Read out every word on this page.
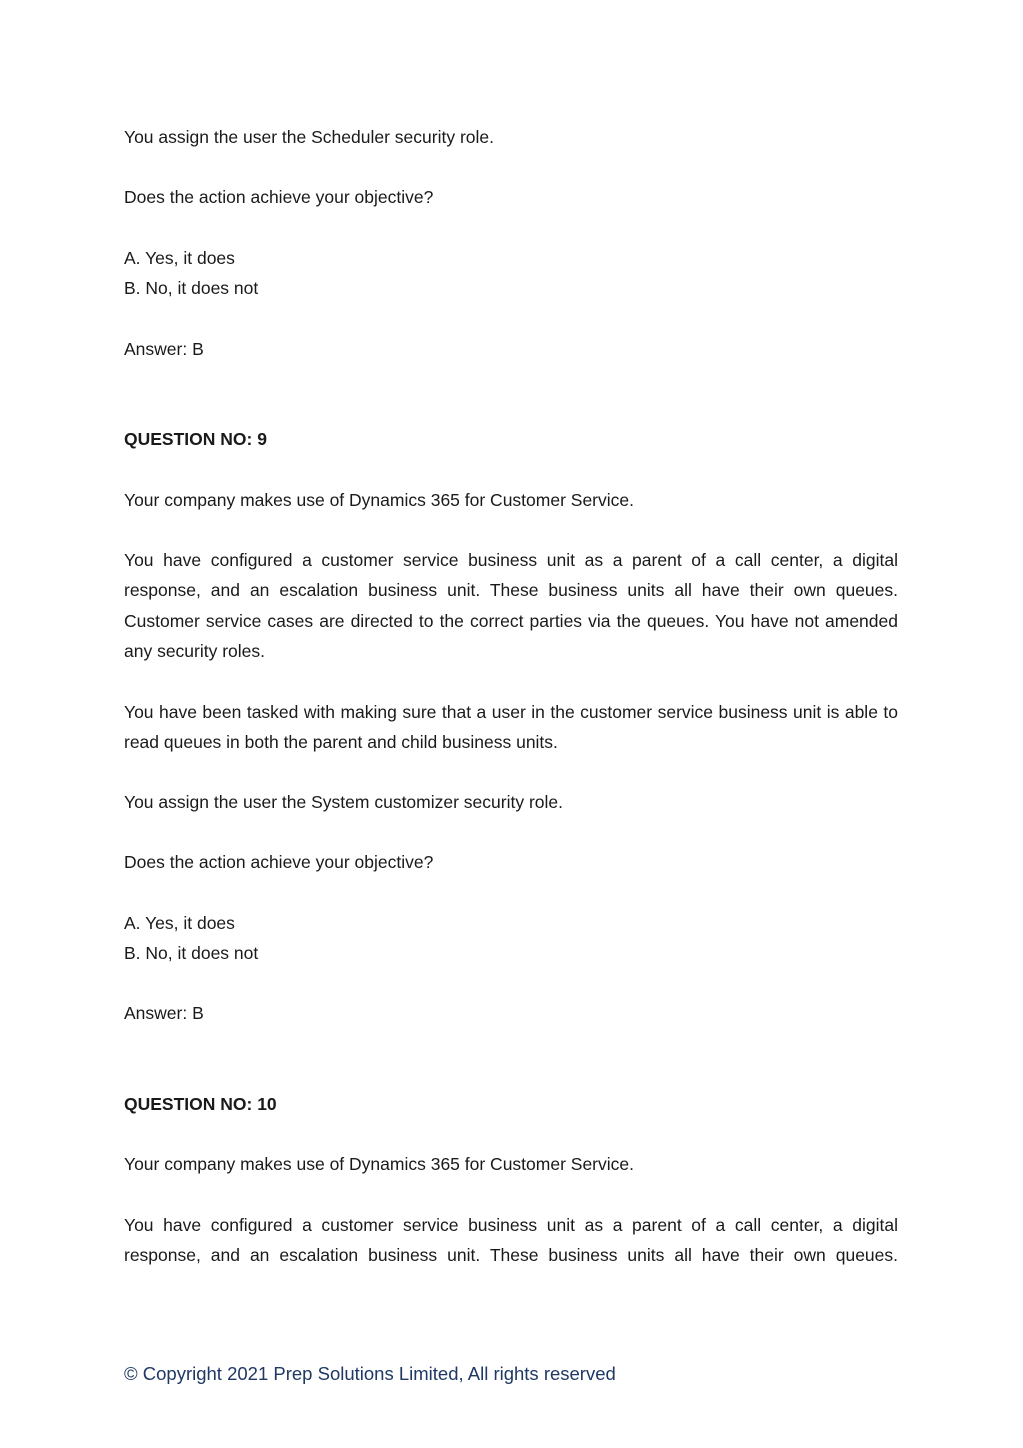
You assign the user the Scheduler security role.
Does the action achieve your objective?
A. Yes, it does
B. No, it does not
Answer: B
QUESTION NO: 9
Your company makes use of Dynamics 365 for Customer Service.
You have configured a customer service business unit as a parent of a call center, a digital response, and an escalation business unit. These business units all have their own queues. Customer service cases are directed to the correct parties via the queues. You have not amended any security roles.
You have been tasked with making sure that a user in the customer service business unit is able to read queues in both the parent and child business units.
You assign the user the System customizer security role.
Does the action achieve your objective?
A. Yes, it does
B. No, it does not
Answer: B
QUESTION NO: 10
Your company makes use of Dynamics 365 for Customer Service.
You have configured a customer service business unit as a parent of a call center, a digital response, and an escalation business unit. These business units all have their own queues.
© Copyright 2021 Prep Solutions Limited, All rights reserved
